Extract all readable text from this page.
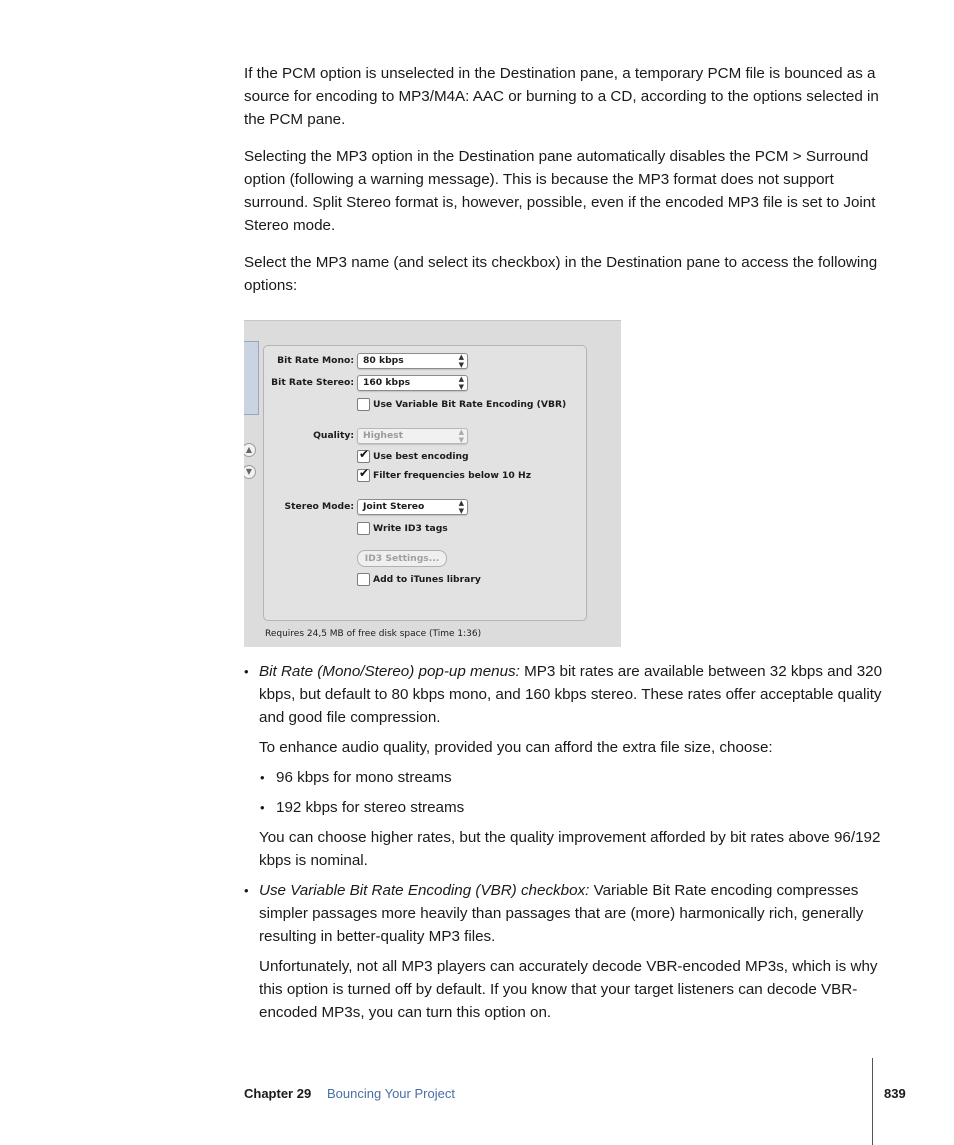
If the PCM option is unselected in the Destination pane, a temporary PCM file is bounced as a source for encoding to MP3/M4A: AAC or burning to a CD, according to the options selected in the PCM pane.

Selecting the MP3 option in the Destination pane automatically disables the PCM > Surround option (following a warning message). This is because the MP3 format does not support surround. Split Stereo format is, however, possible, even if the encoded MP3 file is set to Joint Stereo mode.

Select the MP3 name (and select its checkbox) in the Destination pane to access the following options:

▲
▼
Bit Rate Mono: 80 kbps	▲
▼
Bit Rate Stereo: 160 kbps	▲
▼
Use Variable Bit Rate Encoding (VBR)
Quality: Highest	▲
▼
✔ Use best encoding
✔ Filter frequencies below 10 Hz
Stereo Mode: Joint Stereo	▲
▼
Write ID3 tags
ID3 Settings...
Add to iTunes library
Requires 24,5 MB of free disk space (Time 1:36)
• Bit Rate (Mono/Stereo) pop-up menus: MP3 bit rates are available between 32 kbps and 320 kbps, but default to 80 kbps mono, and 160 kbps stereo. These rates offer acceptable quality and good file compression.

To enhance audio quality, provided you can afford the extra file size, choose:

• 96 kbps for mono streams

• 192 kbps for stereo streams

You can choose higher rates, but the quality improvement afforded by bit rates above 96/192 kbps is nominal.

• Use Variable Bit Rate Encoding (VBR) checkbox: Variable Bit Rate encoding compresses simpler passages more heavily than passages that are (more) harmonically rich, generally resulting in better-quality MP3 files.

Unfortunately, not all MP3 players can accurately decode VBR-encoded MP3s, which is why this option is turned off by default. If you know that your target listeners can decode VBR-encoded MP3s, you can turn this option on.

Chapter 29 Bouncing Your Project	839
